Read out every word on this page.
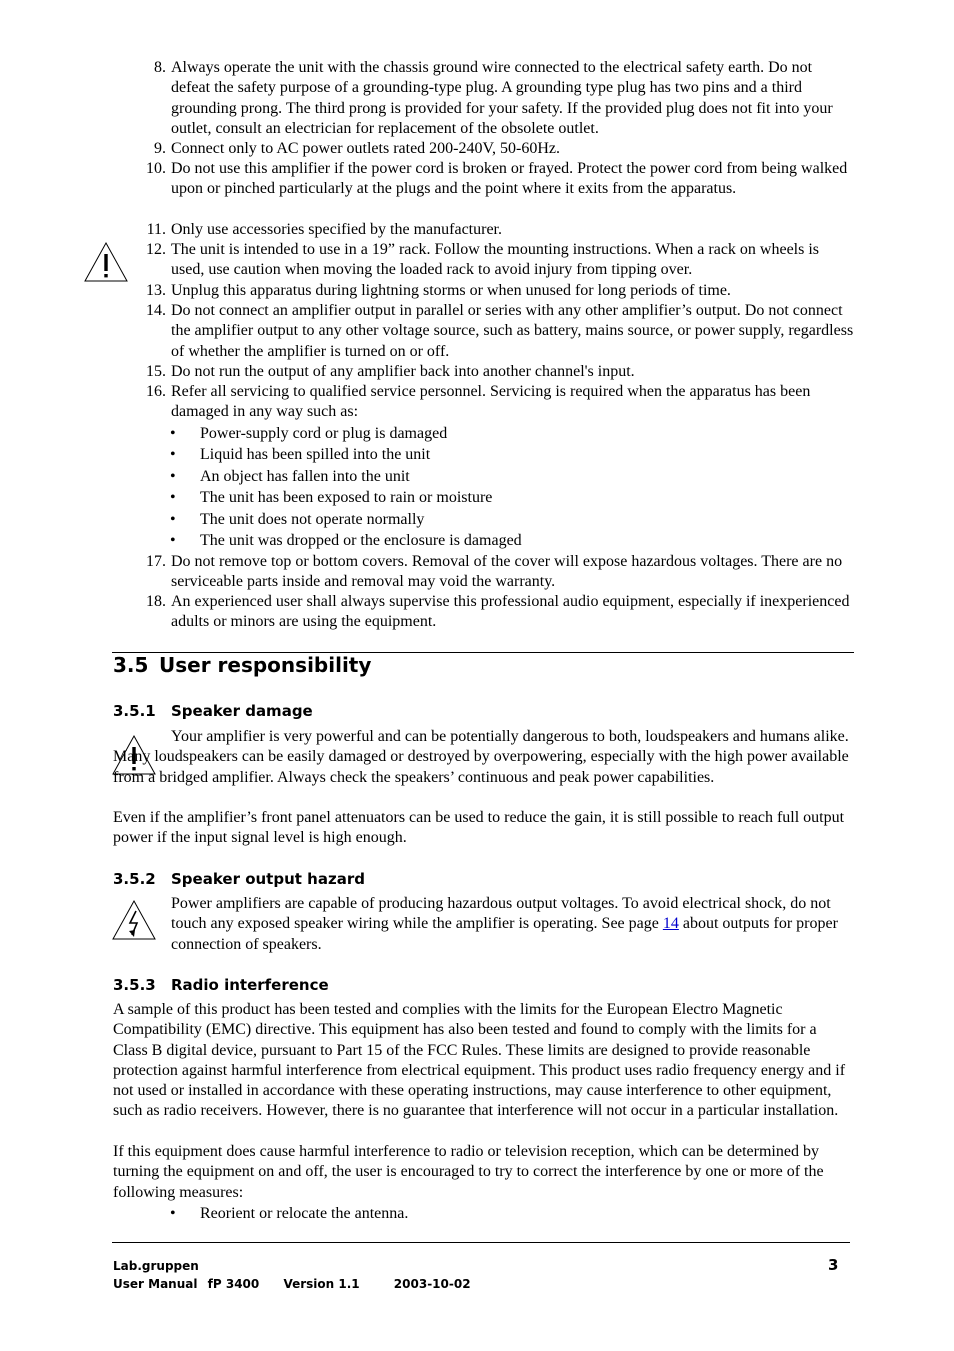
8. Always operate the unit with the chassis ground wire connected to the electrical safety earth. Do not defeat the safety purpose of a grounding-type plug. A grounding type plug has two pins and a third grounding prong. The third prong is provided for your safety. If the provided plug does not fit into your outlet, consult an electrician for replacement of the obsolete outlet.
9. Connect only to AC power outlets rated 200-240V, 50-60Hz.
10. Do not use this amplifier if the power cord is broken or frayed. Protect the power cord from being walked upon or pinched particularly at the plugs and the point where it exits from the apparatus.
11. Only use accessories specified by the manufacturer.
12. The unit is intended to use in a 19” rack. Follow the mounting instructions. When a rack on wheels is used, use caution when moving the loaded rack to avoid injury from tipping over.
13. Unplug this apparatus during lightning storms or when unused for long periods of time.
14. Do not connect an amplifier output in parallel or series with any other amplifier’s output. Do not connect the amplifier output to any other voltage source, such as battery, mains source, or power supply, regardless of whether the amplifier is turned on or off.
15. Do not run the output of any amplifier back into another channel's input.
16. Refer all servicing to qualified service personnel. Servicing is required when the apparatus has been damaged in any way such as:
• Power-supply cord or plug is damaged
• Liquid has been spilled into the unit
• An object has fallen into the unit
• The unit has been exposed to rain or moisture
• The unit does not operate normally
• The unit was dropped or the enclosure is damaged
17. Do not remove top or bottom covers. Removal of the cover will expose hazardous voltages. There are no serviceable parts inside and removal may void the warranty.
18. An experienced user shall always supervise this professional audio equipment, especially if inexperienced adults or minors are using the equipment.
3.5 User responsibility
3.5.1 Speaker damage
Your amplifier is very powerful and can be potentially dangerous to both, loudspeakers and humans alike. Many loudspeakers can be easily damaged or destroyed by overpowering, especially with the high power available from a bridged amplifier. Always check the speakers’ continuous and peak power capabilities.
Even if the amplifier’s front panel attenuators can be used to reduce the gain, it is still possible to reach full output power if the input signal level is high enough.
3.5.2 Speaker output hazard
Power amplifiers are capable of producing hazardous output voltages. To avoid electrical shock, do not touch any exposed speaker wiring while the amplifier is operating. See page 14 about outputs for proper connection of speakers.
3.5.3 Radio interference
A sample of this product has been tested and complies with the limits for the European Electro Magnetic Compatibility (EMC) directive. This equipment has also been tested and found to comply with the limits for a Class B digital device, pursuant to Part 15 of the FCC Rules. These limits are designed to provide reasonable protection against harmful interference from electrical equipment. This product uses radio frequency energy and if not used or installed in accordance with these operating instructions, may cause interference to other equipment, such as radio receivers. However, there is no guarantee that interference will not occur in a particular installation.
If this equipment does cause harmful interference to radio or television reception, which can be determined by turning the equipment on and off, the user is encouraged to try to correct the interference by one or more of the following measures:
• Reorient or relocate the antenna.
Lab.gruppen
User Manual fP 3400 Version 1.1	2003-10-02
3
